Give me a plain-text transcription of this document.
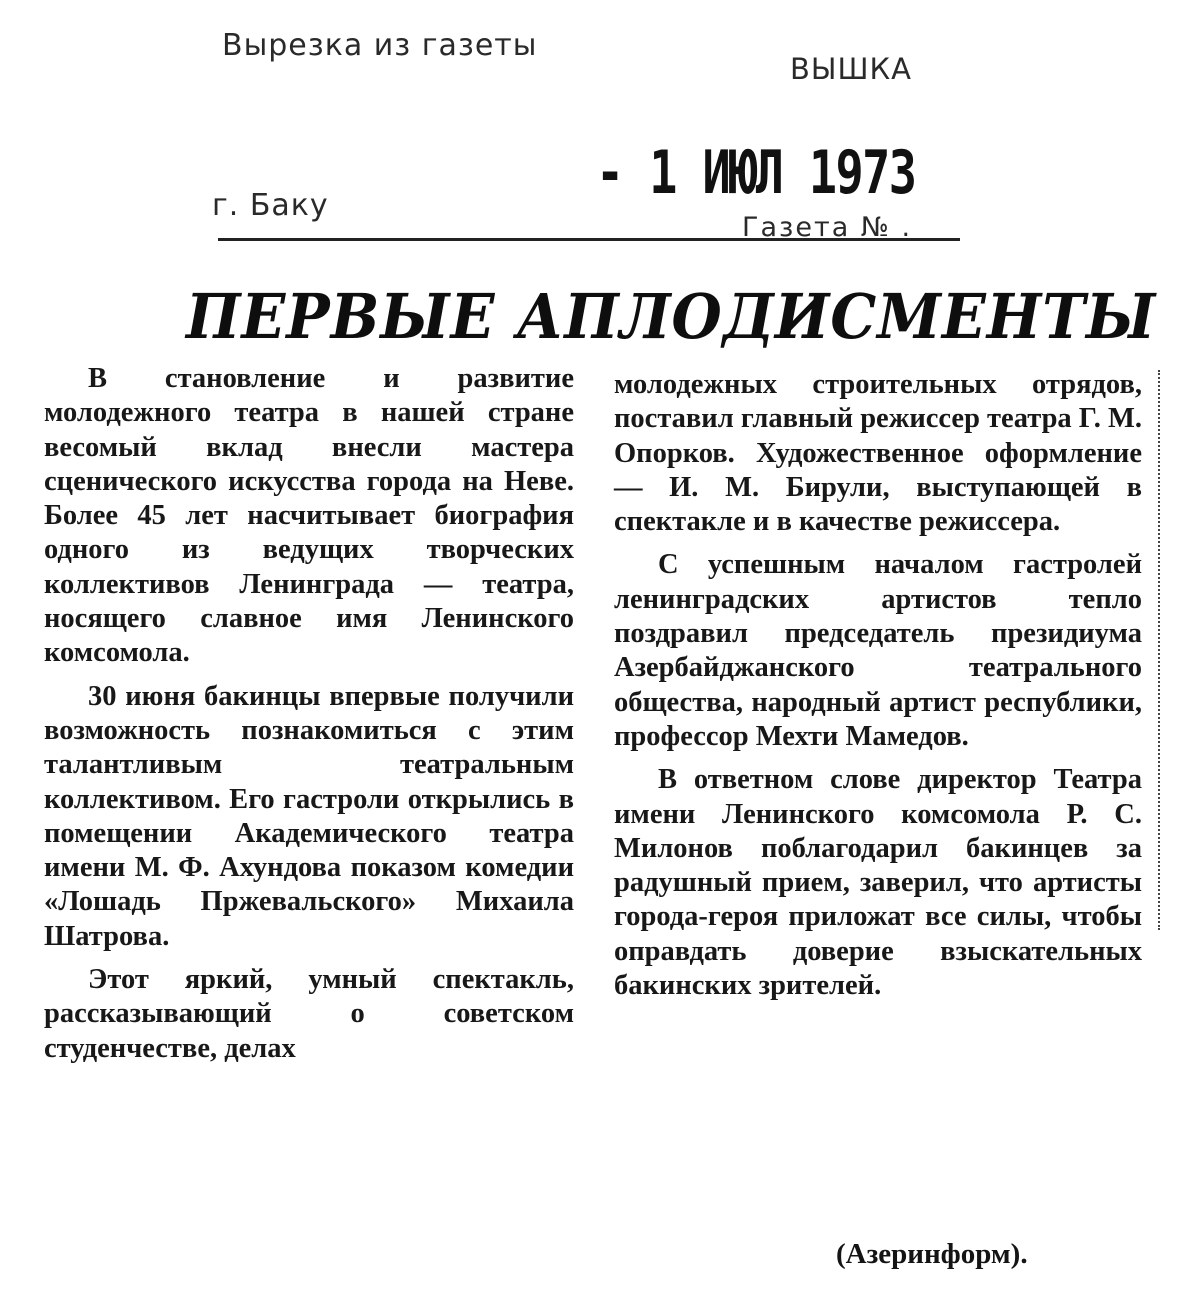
Вырезка из газеты
ВЫШКА
г. Баку	- 1 ИЮЛ 1973
Газета № .
ПЕРВЫЕ АПЛОДИСМЕНТЫ

В становление и развитие молодежного театра в нашей стране весомый вклад внесли мастера сценического искусства города на Неве. Более 45 лет насчитывает биография одного из ведущих творческих коллективов Ленинграда — театра, носящего славное имя Ленинского комсомола.

30 июня бакинцы впервые получили возможность познакомиться с этим талантливым театральным коллективом. Его гастроли открылись в помещении Академического театра имени М. Ф. Ахундова показом комедии «Лошадь Пржевальского» Михаила Шатрова.

Этот яркий, умный спектакль, рассказывающий о советском студенчестве, делах

молодежных строительных отрядов, поставил главный режиссер театра Г. М. Опорков. Художественное оформление — И. М. Бирули, выступающей в спектакле и в качестве режиссера.

С успешным началом гастролей ленинградских артистов тепло поздравил председатель президиума Азербайджанского театрального общества, народный артист республики, профессор Мехти Мамедов.

В ответном слове директор Театра имени Ленинского комсомола Р. С. Милонов поблагодарил бакинцев за радушный прием, заверил, что артисты города-героя приложат все силы, чтобы оправдать доверие взыскательных бакинских зрителей.

(Азеринформ).
